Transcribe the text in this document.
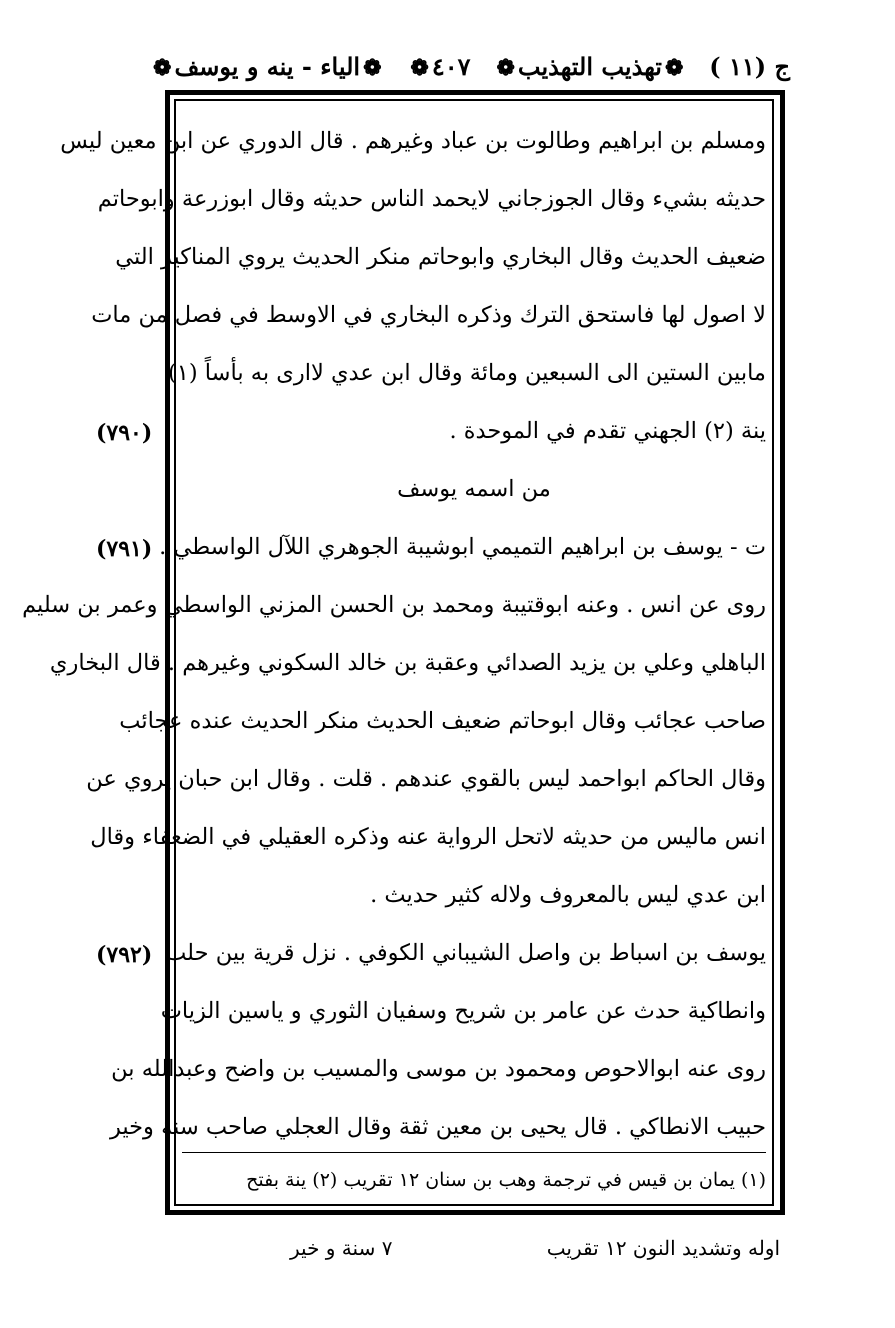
ج (١١ )
❁تهذيب التهذيب❁
٤٠٧❁
❁الياء - ينه و يوسف❁
ومسلم بن ابراهيم وطالوت بن عباد وغيرهم . قال الدوري عن ابن معين ليس
حديثه بشيء وقال الجوزجاني لايحمد الناس حديثه وقال ابوزرعة وابوحاتم
ضعيف الحديث وقال البخاري وابوحاتم منكر الحديث يروي المناكير التي
لا اصول لها فاستحق الترك وذكره البخاري في الاوسط في فصل من مات
مابين الستين الى السبعين ومائة وقال ابن عدي لاارى به بأساً (١)
ينة (٢) الجهني تقدم في الموحدة .
من اسمه يوسف
ت - يوسف بن ابراهيم التميمي ابوشيبة الجوهري اللآل الواسطي .
روى عن انس . وعنه ابوقتيبة ومحمد بن الحسن المزني الواسطي وعمر بن سليم
الباهلي وعلي بن يزيد الصدائي وعقبة بن خالد السكوني وغيرهم . قال البخاري
صاحب عجائب وقال ابوحاتم ضعيف الحديث منكر الحديث عنده عجائب
وقال الحاكم ابواحمد ليس بالقوي عندهم . قلت . وقال ابن حبان يروي عن
انس ماليس من حديثه لاتحل الرواية عنه وذكره العقيلي في الضعفاء وقال
ابن عدي ليس بالمعروف ولاله كثير حديث .
يوسف بن اسباط بن واصل الشيباني الكوفي . نزل قرية بين حلب
وانطاكية حدث عن عامر بن شريح وسفيان الثوري و ياسين الزيات
روى عنه ابوالاحوص ومحمود بن موسى والمسيب بن واضح وعبدالله بن
حبيب الانطاكي . قال يحيى بن معين ثقة وقال العجلي صاحب سنة وخير
(٧٩٠)
(٧٩١)
(٧٩٢)
(١) يمان بن قيس في ترجمة وهب بن سنان ١٢ تقريب (٢) ينة بفتح
اوله وتشديد النون ١٢ تقريب
٧ سنة و خير
